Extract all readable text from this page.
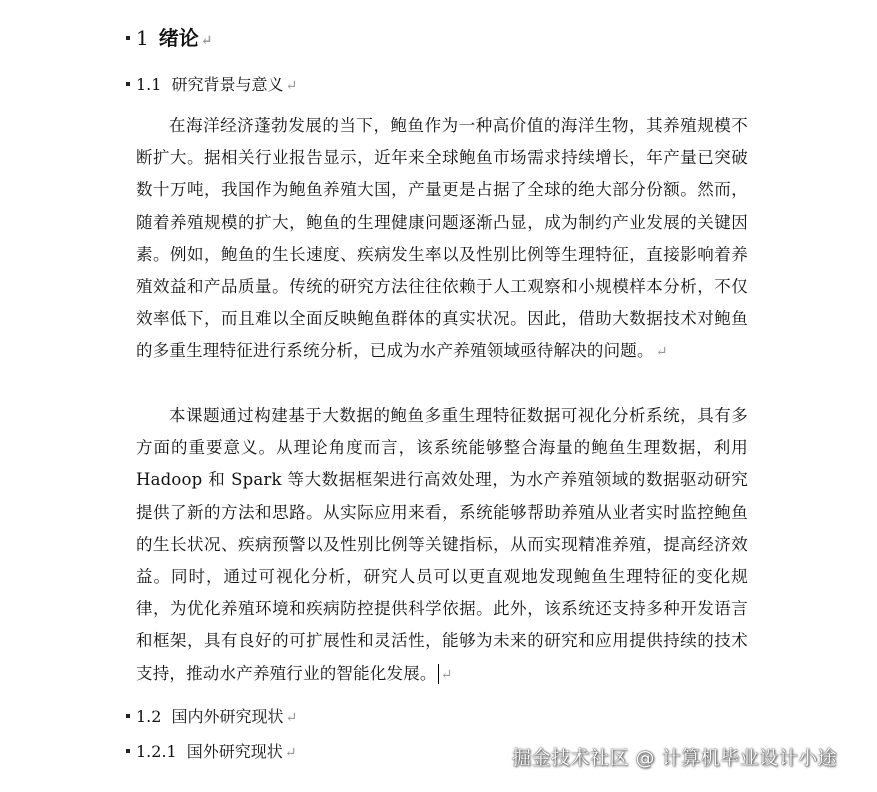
1 绪论 ↵
1.1 研究背景与意义 ↵
在海洋经济蓬勃发展的当下，鲍鱼作为一种高价值的海洋生物，其养殖规模不断扩大。据相关行业报告显示，近年来全球鲍鱼市场需求持续增长，年产量已突破数十万吨，我国作为鲍鱼养殖大国，产量更是占据了全球的绝大部分份额。然而，随着养殖规模的扩大，鲍鱼的生理健康问题逐渐凸显，成为制约产业发展的关键因素。例如，鲍鱼的生长速度、疾病发生率以及性别比例等生理特征，直接影响着养殖效益和产品质量。传统的研究方法往往依赖于人工观察和小规模样本分析，不仅效率低下，而且难以全面反映鲍鱼群体的真实状况。因此，借助大数据技术对鲍鱼的多重生理特征进行系统分析，已成为水产养殖领域亟待解决的问题。 ↵
本课题通过构建基于大数据的鲍鱼多重生理特征数据可视化分析系统，具有多方面的重要意义。从理论角度而言，该系统能够整合海量的鲍鱼生理数据，利用 Hadoop 和 Spark 等大数据框架进行高效处理，为水产养殖领域的数据驱动研究提供了新的方法和思路。从实际应用来看，系统能够帮助养殖从业者实时监控鲍鱼的生长状况、疾病预警以及性别比例等关键指标，从而实现精准养殖，提高经济效益。同时，通过可视化分析，研究人员可以更直观地发现鲍鱼生理特征的变化规律，为优化养殖环境和疾病防控提供科学依据。此外，该系统还支持多种开发语言和框架，具有良好的可扩展性和灵活性，能够为未来的研究和应用提供持续的技术支持，推动水产养殖行业的智能化发展。 ↵
1.2 国内外研究现状 ↵
1.2.1 国外研究现状 ↵	掘金技术社区 @ 计算机毕业设计小途
